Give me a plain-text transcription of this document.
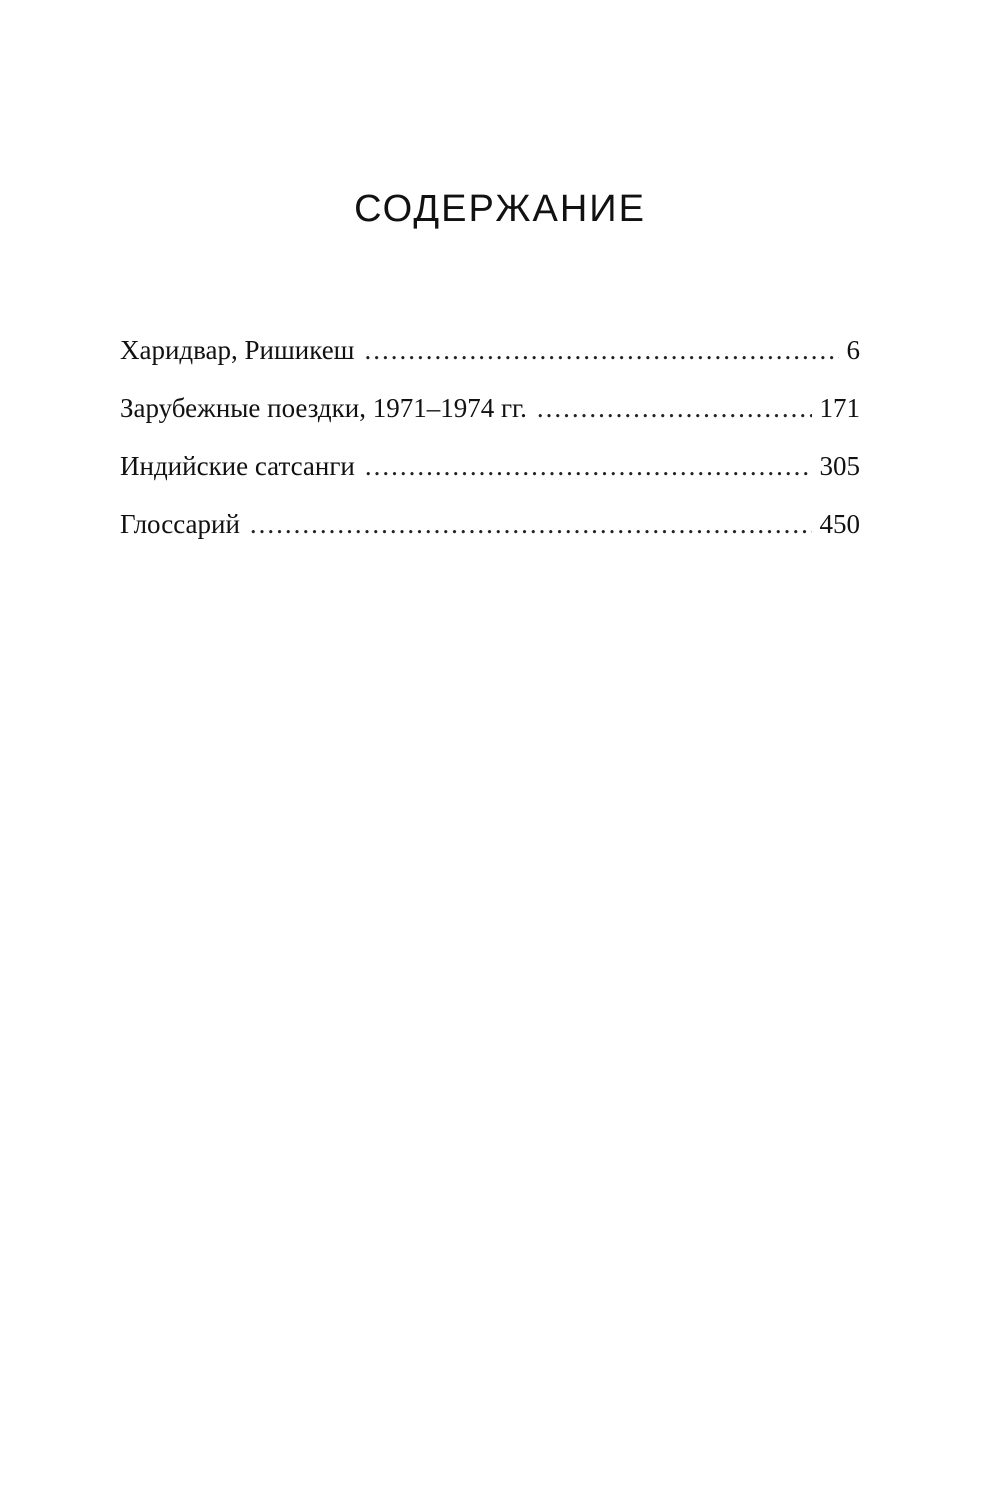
СОДЕРЖАНИЕ
Харидвар, Ришикеш .....	6
Зарубежные поездки, 1971–1974 гг. .....	171
Индийские сатсанги .....	305
Глоссарий .....	450
